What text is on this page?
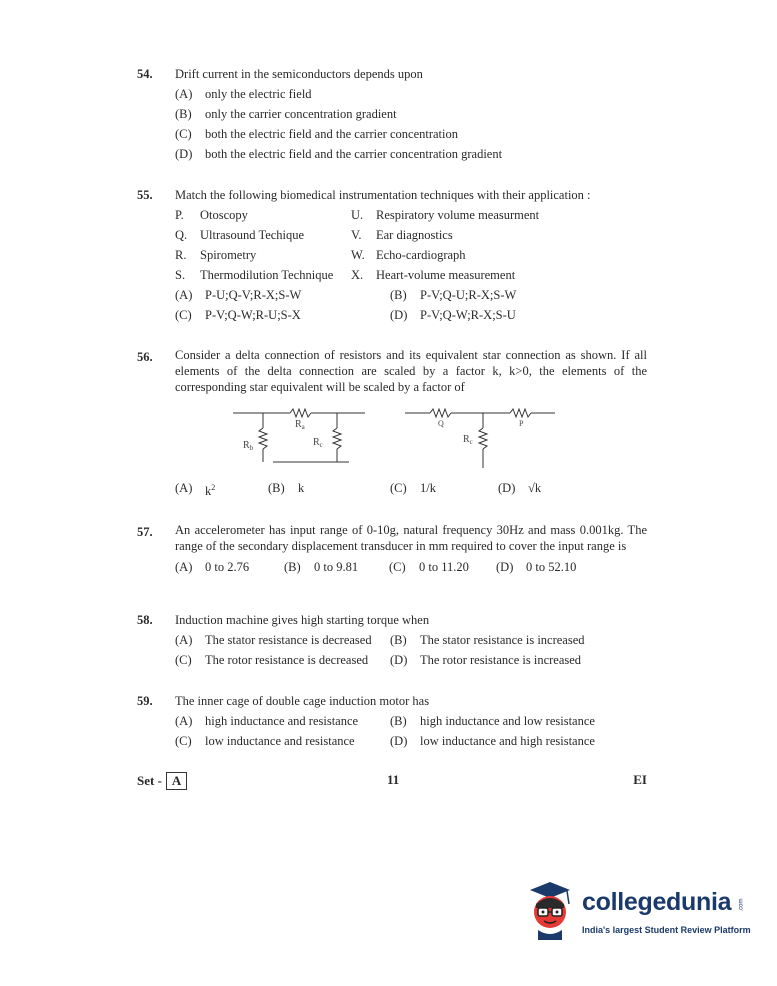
54. Drift current in the semiconductors depends upon
(A)	only the electric field
(B)	only the carrier concentration gradient
(C)	both the electric field and the carrier concentration
(D)	both the electric field and the carrier concentration gradient
55. Match the following biomedical instrumentation techniques with their application :
P.	Otoscopy	U.	Respiratory volume measurment
Q.	Ultrasound Techique	V.	Ear diagnostics
R.	Spirometry	W. Echo-cardiograph
S.	Thermodilution Technique X.	Heart-volume measurement
(A)	P-U;Q-V;R-X;S-W	(B)	P-V;Q-U;R-X;S-W
(C)	P-V;Q-W;R-U;S-X	(D)	P-V;Q-W;R-X;S-U
56. Consider a delta connection of resistors and its equivalent star connection as shown. If all elements of the delta connection are scaled by a factor k, k>0, the elements of the corresponding star equivalent will be scaled by a factor of
$R_a$
$R_b$	$R_c$
Q	P
$R_c$
(A)	$k^2$	(B)	k	(C)	1/k	(D)	√k
57. An accelerometer has input range of 0-10g, natural frequency 30Hz and mass 0.001kg. The range of the secondary displacement transducer in mm required to cover the input range is
(A)	0 to 2.76	(B)	0 to 9.81 (C)	0 to 11.20 (D)	0 to 52.10
58. Induction machine gives high starting torque when
(A)	The stator resistance is decreased (B)	The stator resistance is increased
(C)	The rotor resistance is decreased (D)	The rotor resistance is increased
59. The inner cage of double cage induction motor has
(A)	high inductance and resistance	(B)	high inductance and low resistance
(C)	low inductance and resistance	(D)	low inductance and high resistance
Set - A	11	EI
collegedunia .com
India's largest Student Review Platform
